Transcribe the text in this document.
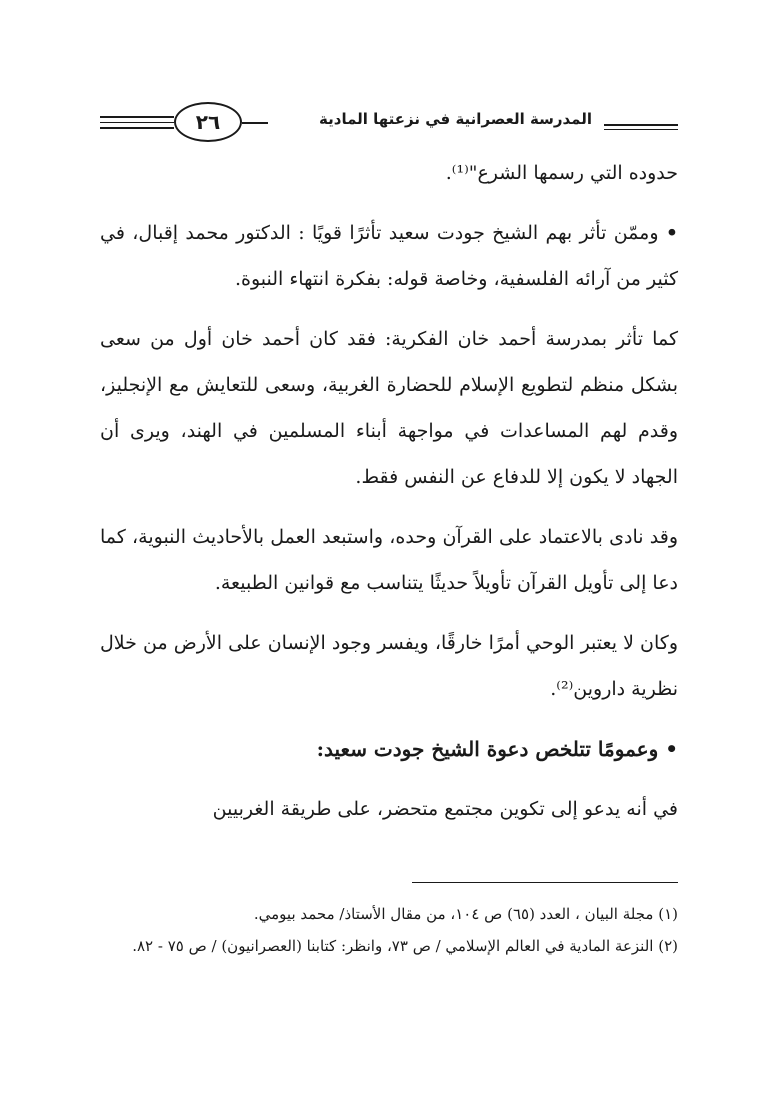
٢٦	المدرسة العصرانية في نزعتها المادية

حدوده التي رسمها الشرع"⁽¹⁾.

• وممّن تأثر بهم الشيخ جودت سعيد تأثرًا قويًا : الدكتور محمد إقبال، في كثير من آرائه الفلسفية، وخاصة قوله: بفكرة انتهاء النبوة.

كما تأثر بمدرسة أحمد خان الفكرية: فقد كان أحمد خان أول من سعى بشكل منظم لتطويع الإسلام للحضارة الغربية، وسعى للتعايش مع الإنجليز، وقدم لهم المساعدات في مواجهة أبناء المسلمين في الهند، ويرى أن الجهاد لا يكون إلا للدفاع عن النفس فقط.

وقد نادى بالاعتماد على القرآن وحده، واستبعد العمل بالأحاديث النبوية، كما دعا إلى تأويل القرآن تأويلاً حديثًا يتناسب مع قوانين الطبيعة.

وكان لا يعتبر الوحي أمرًا خارقًا، ويفسر وجود الإنسان على الأرض من خلال نظرية داروين⁽²⁾.

• وعمومًا تتلخص دعوة الشيخ جودت سعيد:

في أنه يدعو إلى تكوين مجتمع متحضر، على طريقة الغربيين

(١) مجلة البيان ، العدد (٦٥) ص ١٠٤، من مقال الأستاذ/ محمد بيومي.

(٢) النزعة المادية في العالم الإسلامي / ص ٧٣، وانظر: كتابنا (العصرانيون) / ص ٧٥ - ٨٢.
